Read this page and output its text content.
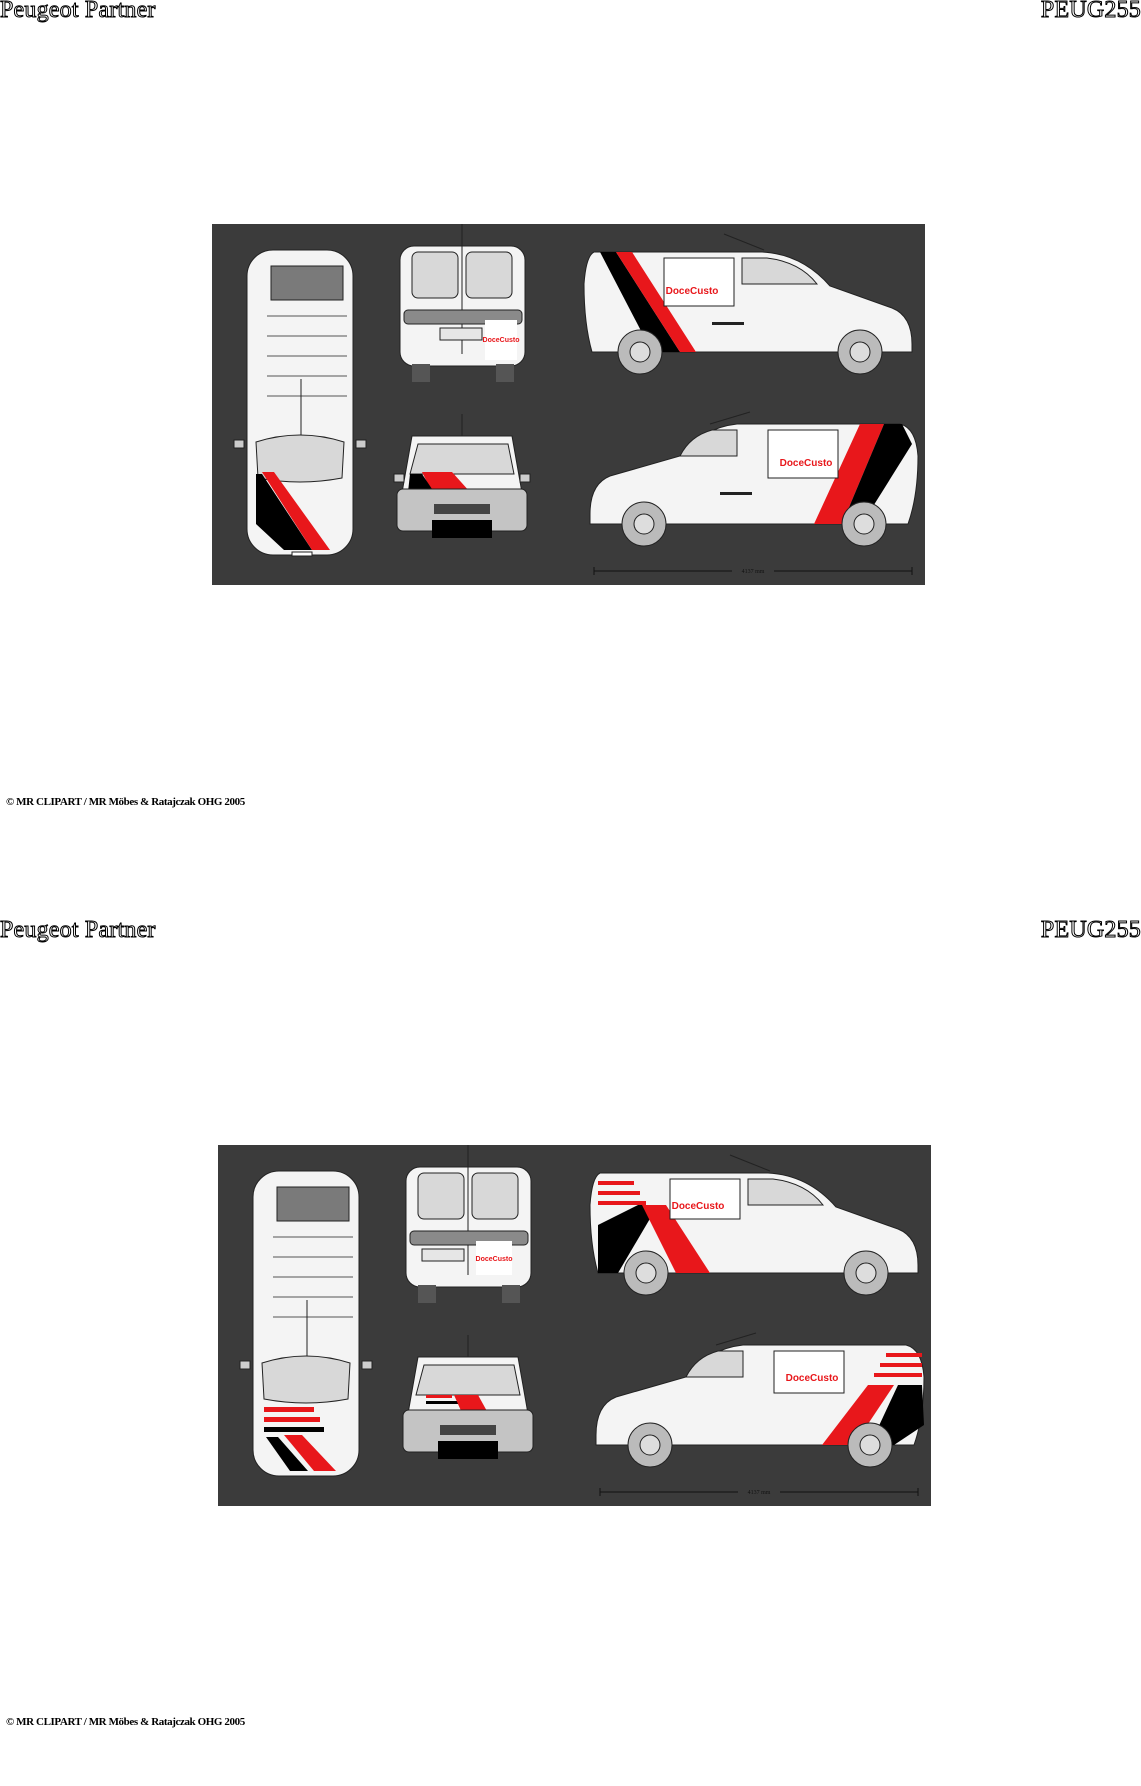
Peugeot Partner	PEUG255
DoceCusto
DoceCusto
DoceCusto
4137 mm
© MR CLIPART / MR Möbes & Ratajczak OHG 2005
Peugeot Partner	PEUG255
DoceCusto
DoceCusto
DoceCusto
4137 mm
© MR CLIPART / MR Möbes & Ratajczak OHG 2005
